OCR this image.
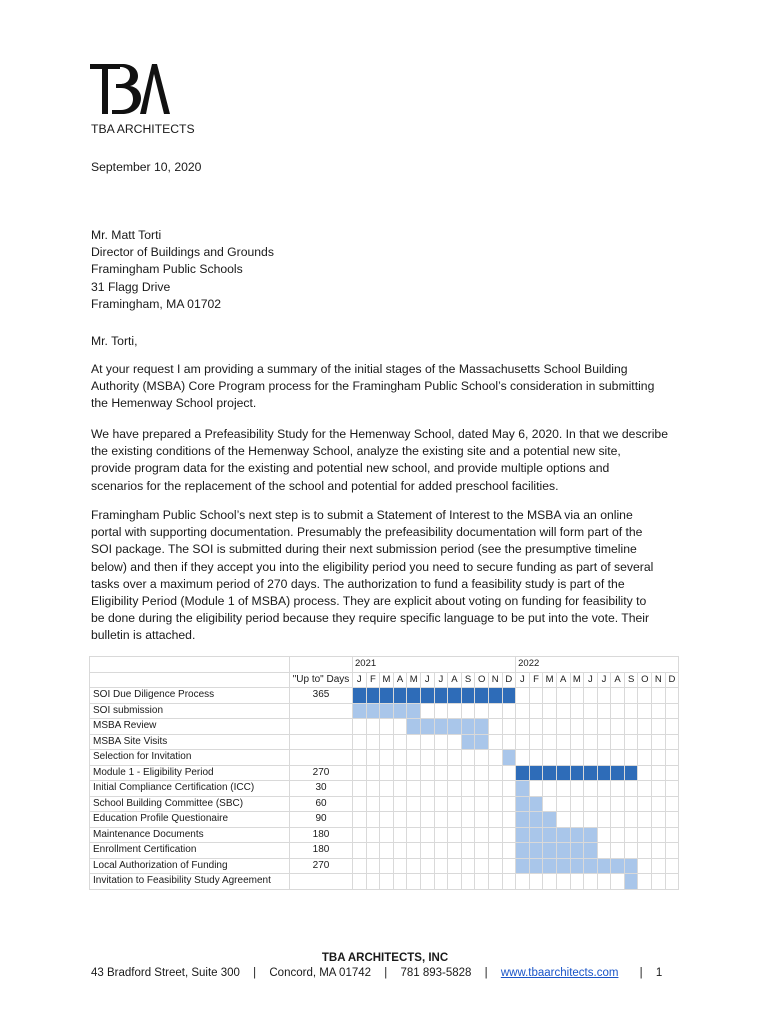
TBA ARCHITECTS
September 10, 2020
Mr. Matt Torti
Director of Buildings and Grounds
Framingham Public Schools
31 Flagg Drive
Framingham, MA 01702
Mr. Torti,
At your request I am providing a summary of the initial stages of the Massachusetts School Building
Authority (MSBA) Core Program process for the Framingham Public School’s consideration in submitting
the Hemenway School project.
We have prepared a Prefeasibility Study for the Hemenway School, dated May 6, 2020. In that we describe
the existing conditions of the Hemenway School, analyze the existing site and a potential new site,
provide program data for the existing and potential new school, and provide multiple options and
scenarios for the replacement of the school and potential for added preschool facilities.
Framingham Public School’s next step is to submit a Statement of Interest to the MSBA via an online
portal with supporting documentation. Presumably the prefeasibility documentation will form part of the
SOI package. The SOI is submitted during their next submission period (see the presumptive timeline
below) and then if they accept you into the eligibility period you need to secure funding as part of several
tasks over a maximum period of 270 days. The authorization to fund a feasibility study is part of the
Eligibility Period (Module 1 of MSBA) process. They are explicit about voting on funding for feasibility to
be done during the eligibility period because they require specific language to be put into the vote. Their
bulletin is attached.
		2021												2022											
	"Up to" Days	J	F	M	A	M	J	J	A	S	O	N	D	J	F	M	A	M	J	J	A	S	O	N	D
SOI Due Diligence Process	365																								
SOI submission																									
MSBA Review																									
MSBA Site Visits																									
Selection for Invitation																									
Module 1 - Eligibility Period	270																								
Initial Compliance Certification (ICC)	30																								
School Building Committee (SBC)	60																								
Education Profile Questionaire	90																								
Maintenance Documents	180																								
Enrollment Certification	180																								
Local Authorization of Funding	270																								
Invitation to Feasibility Study Agreement																									
TBA ARCHITECTS, INC
43 Bradford Street, Suite 300 | Concord, MA 01742 | 781 893-5828 | www.tbaarchitects.com | 1
